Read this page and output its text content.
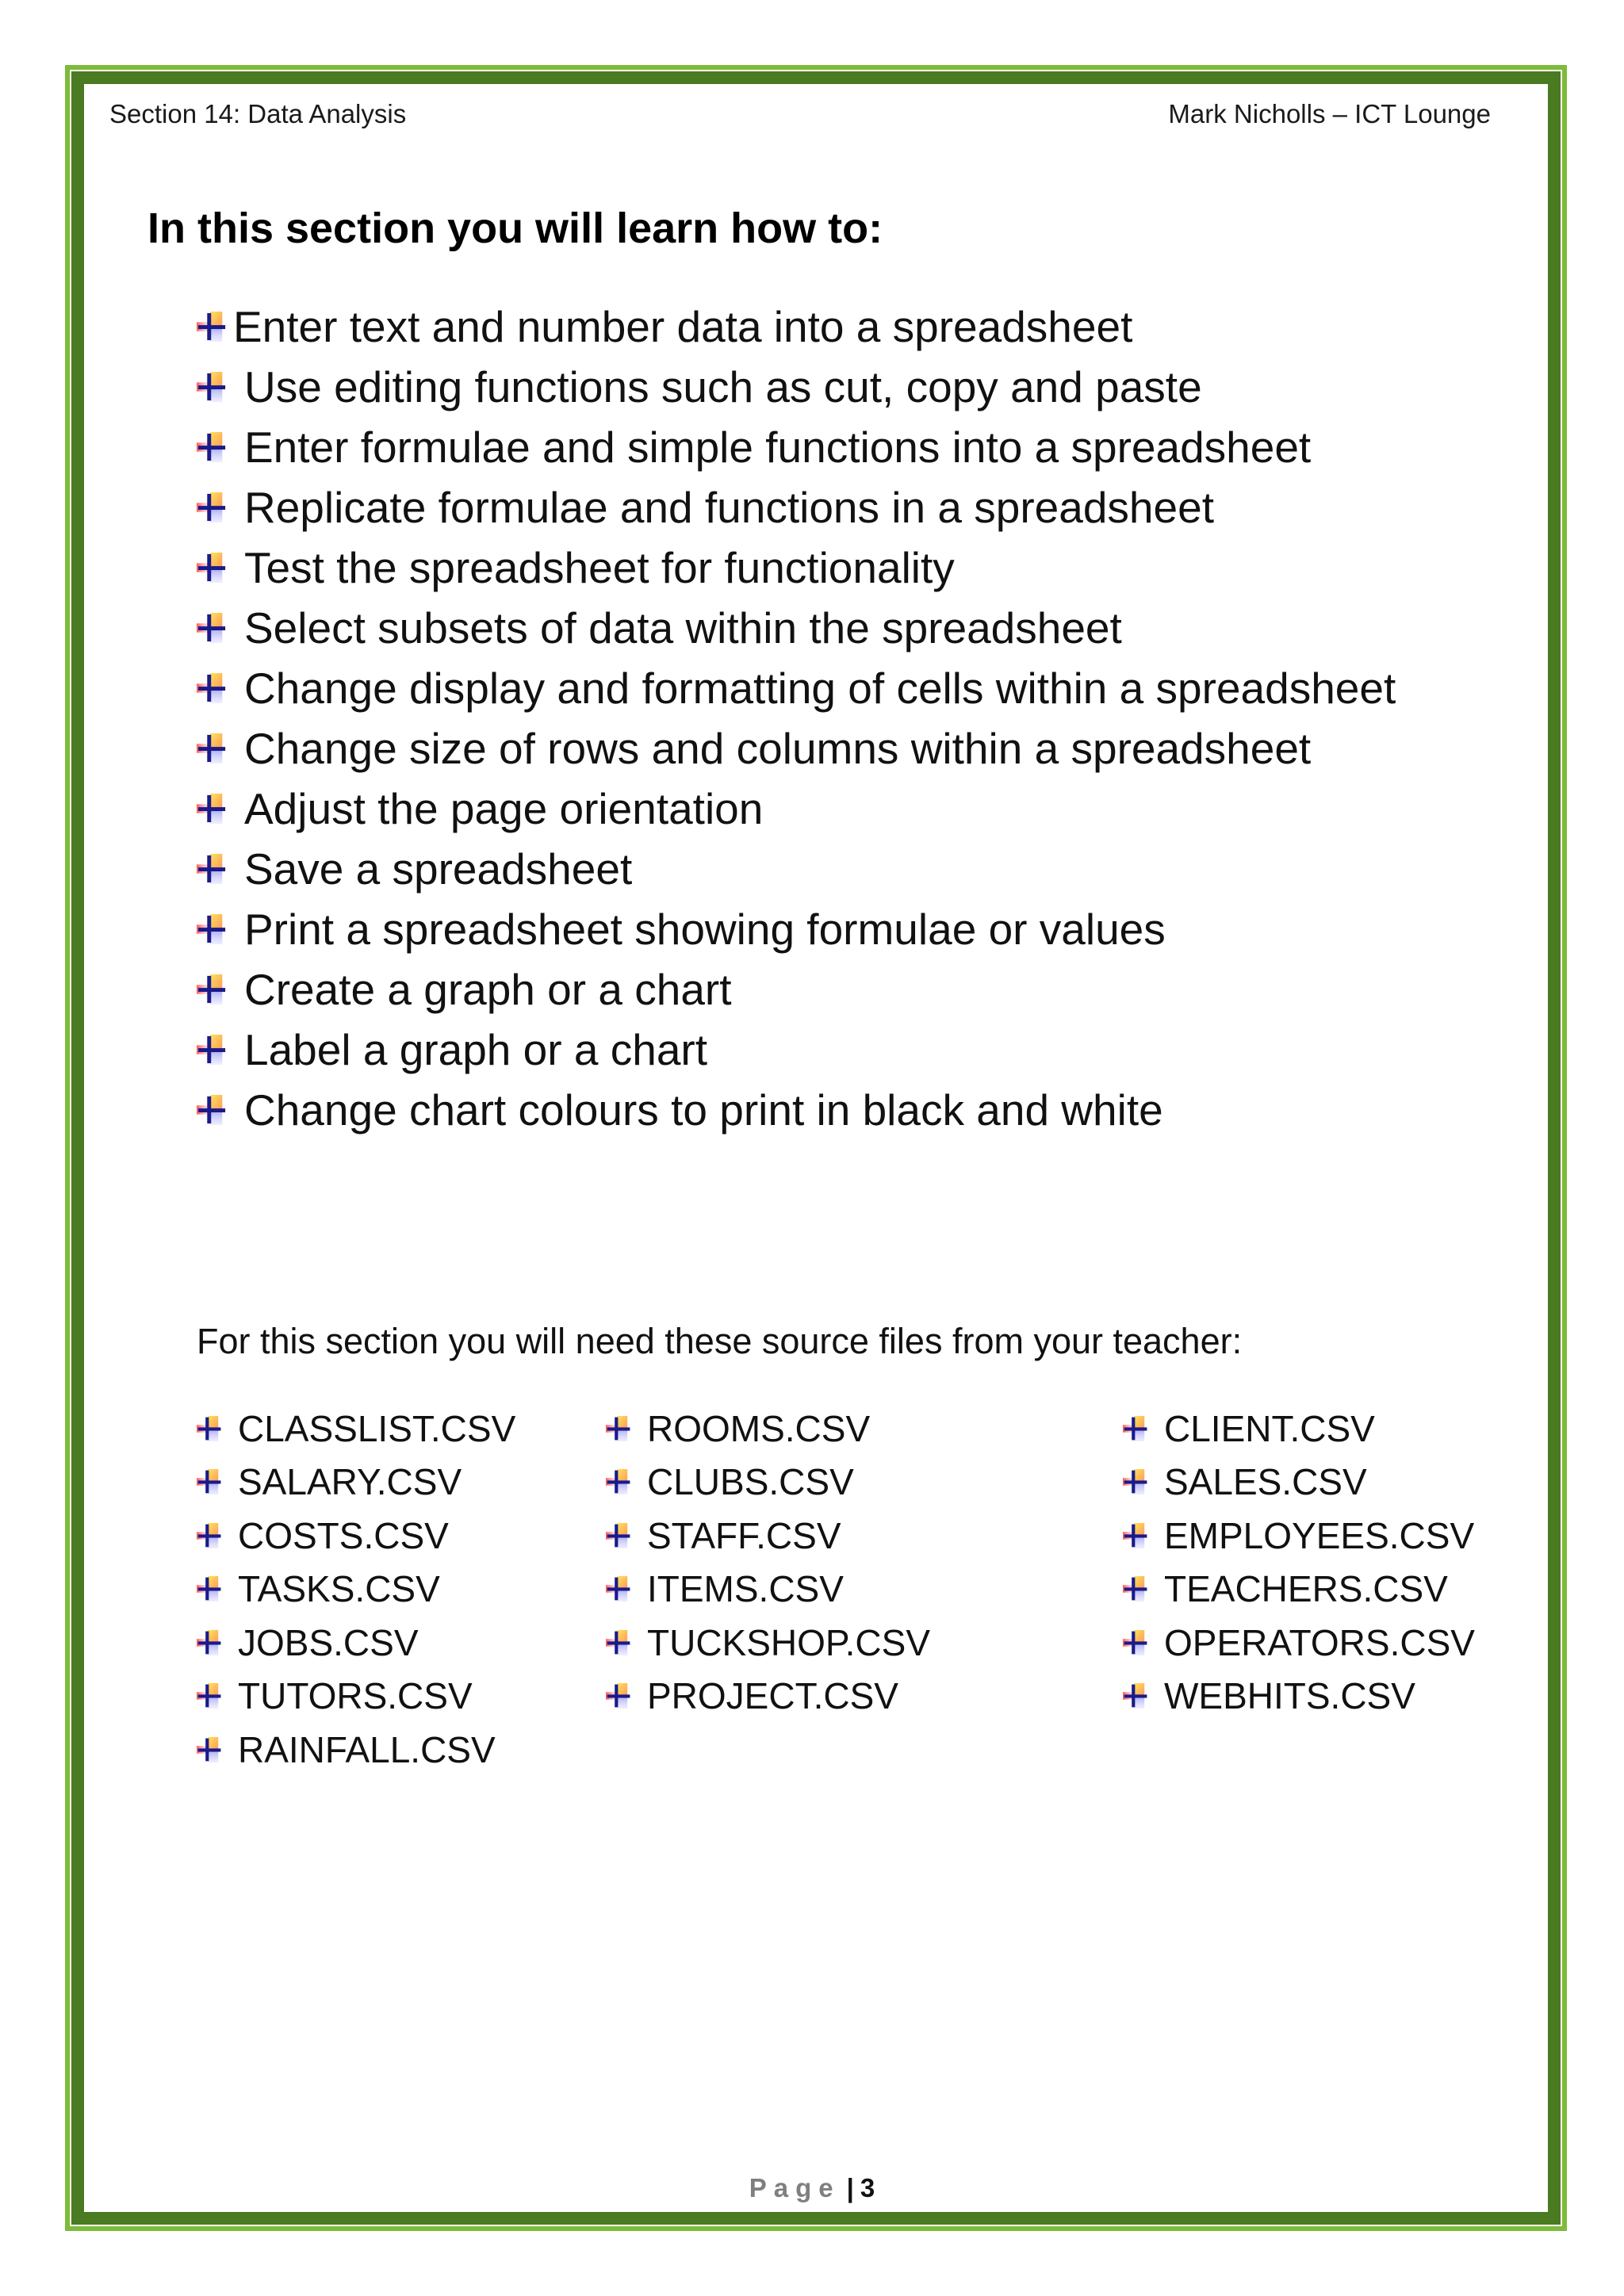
Section 14: Data Analysis	Mark Nicholls – ICT Lounge
In this section you will learn how to:
Enter text and number data into a spreadsheet
Use editing functions such as cut, copy and paste
Enter formulae and simple functions into a spreadsheet
Replicate formulae and functions in a spreadsheet
Test the spreadsheet for functionality
Select subsets of data within the spreadsheet
Change display and formatting of cells within a spreadsheet
Change size of rows and columns within a spreadsheet
Adjust the page orientation
Save a spreadsheet
Print a spreadsheet showing formulae or values
Create a graph or a chart
Label a graph or a chart
Change chart colours to print in black and white
For this section you will need these source files from your teacher:
CLASSLIST.CSV
SALARY.CSV
COSTS.CSV
TASKS.CSV
JOBS.CSV
TUTORS.CSV
RAINFALL.CSV
ROOMS.CSV
CLUBS.CSV
STAFF.CSV
ITEMS.CSV
TUCKSHOP.CSV
PROJECT.CSV
CLIENT.CSV
SALES.CSV
EMPLOYEES.CSV
TEACHERS.CSV
OPERATORS.CSV
WEBHITS.CSV
Page | 3
